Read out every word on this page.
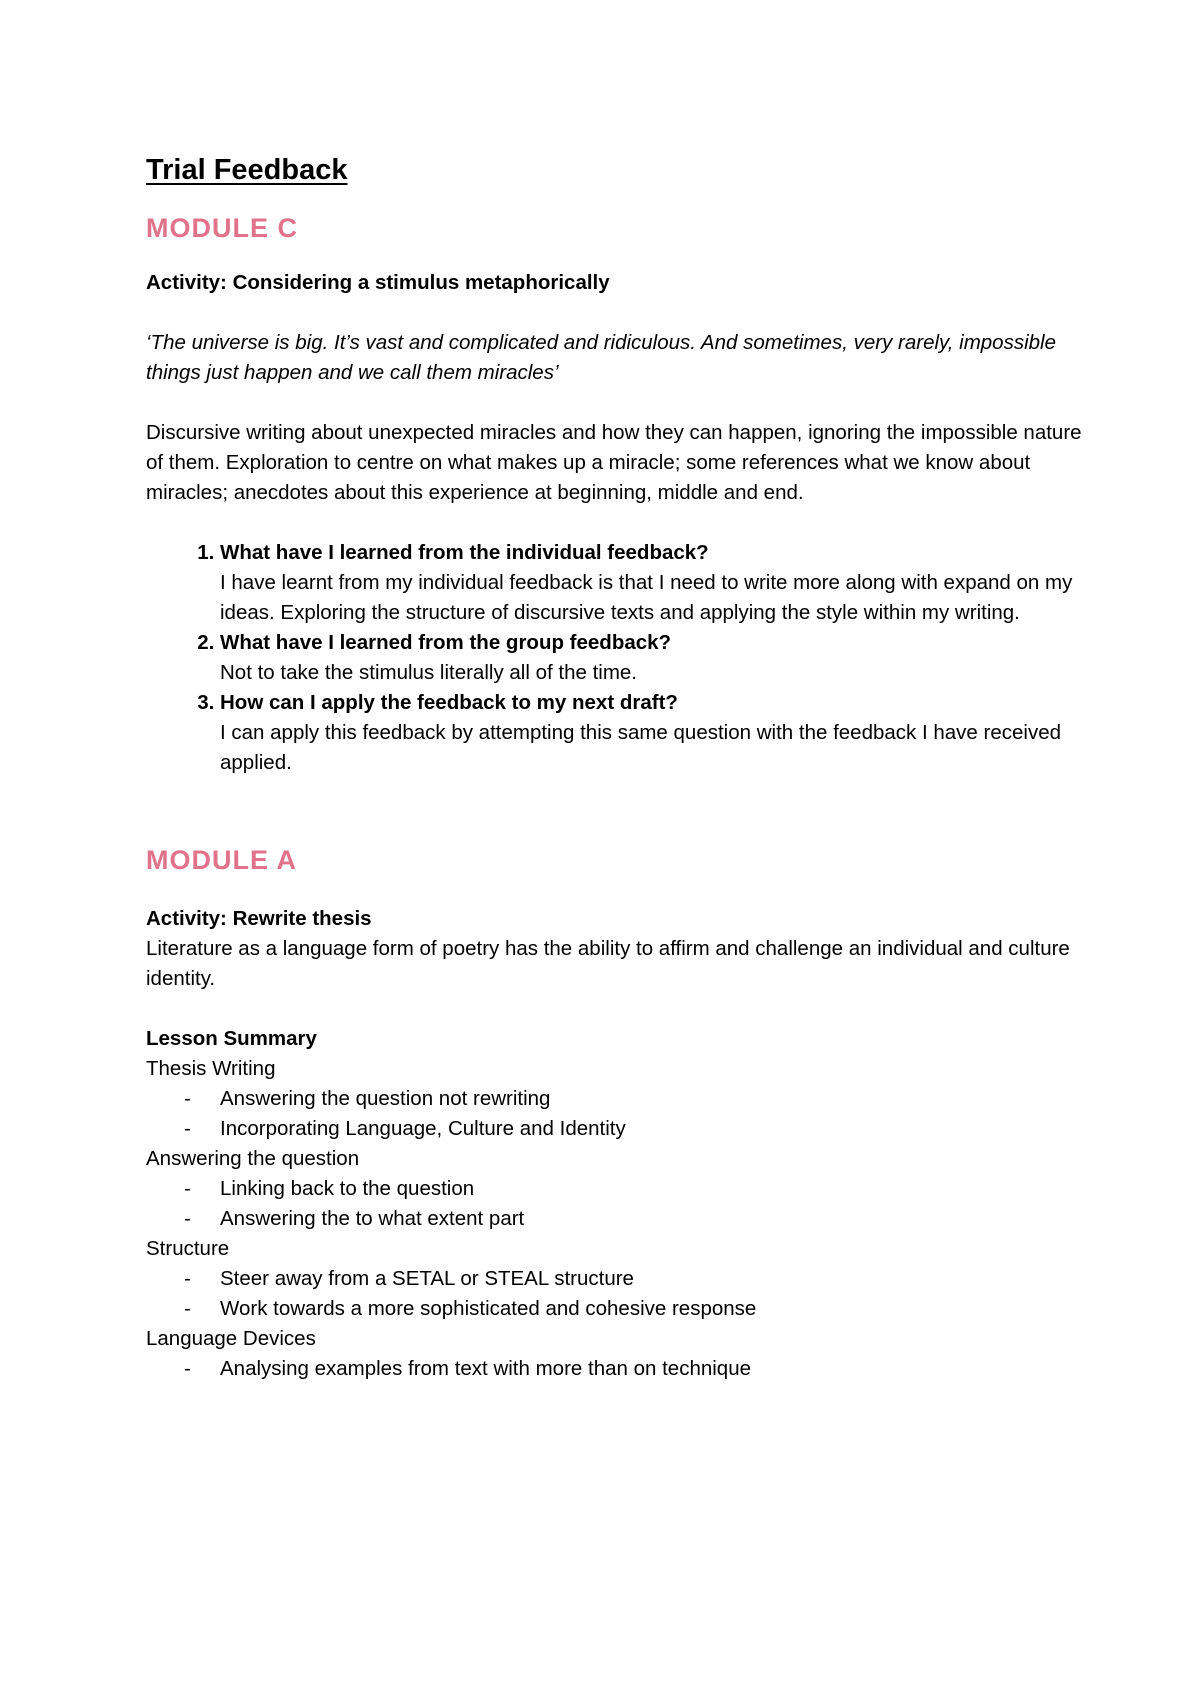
Trial Feedback
MODULE C

Activity: Considering a stimulus metaphorically

‘The universe is big. It’s vast and complicated and ridiculous. And sometimes, very rarely, impossible things just happen and we call them miracles’

Discursive writing about unexpected miracles and how they can happen, ignoring the impossible nature of them. Exploration to centre on what makes up a miracle; some references what we know about miracles; anecdotes about this experience at beginning, middle and end.

1. What have I learned from the individual feedback?
I have learnt from my individual feedback is that I need to write more along with expand on my ideas. Exploring the structure of discursive texts and applying the style within my writing.
2. What have I learned from the group feedback?
Not to take the stimulus literally all of the time.
3. How can I apply the feedback to my next draft?
I can apply this feedback by attempting this same question with the feedback I have received applied.
MODULE A

Activity: Rewrite thesis

Literature as a language form of poetry has the ability to affirm and challenge an individual and culture identity.

Lesson Summary

Thesis Writing

- Answering the question not rewriting
- Incorporating Language, Culture and Identity

Answering the question

- Linking back to the question
- Answering the to what extent part

Structure

- Steer away from a SETAL or STEAL structure
- Work towards a more sophisticated and cohesive response

Language Devices

- Analysing examples from text with more than on technique
